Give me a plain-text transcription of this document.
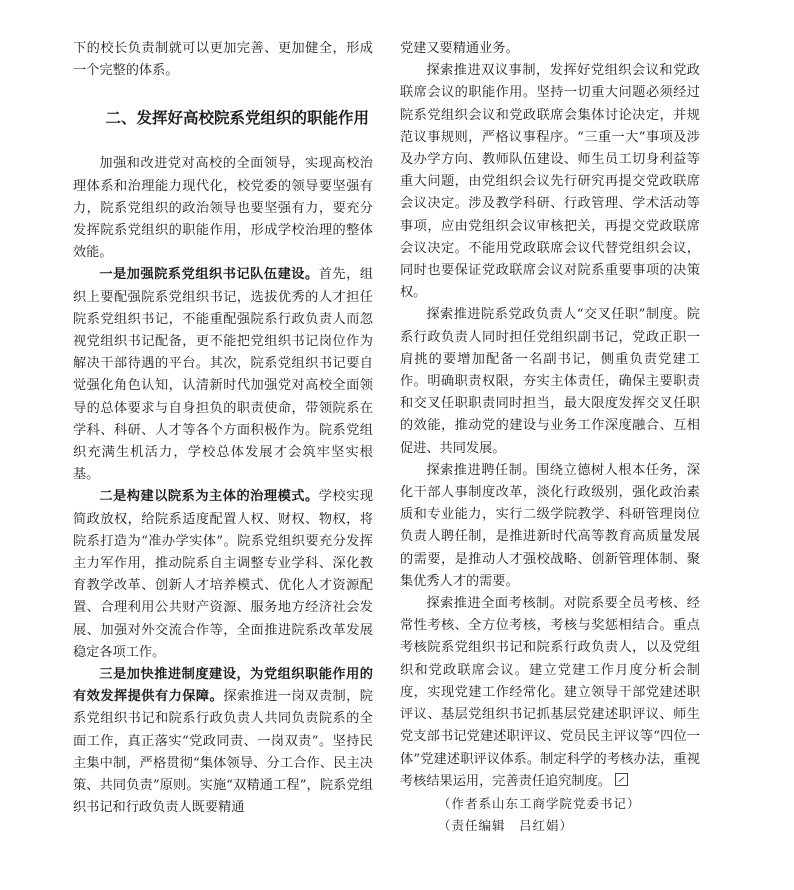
下的校长负责制就可以更加完善、更加健全，形成一个完整的体系。

二、发挥好高校院系党组织的职能作用

加强和改进党对高校的全面领导，实现高校治理体系和治理能力现代化，校党委的领导要坚强有力，院系党组织的政治领导也要坚强有力，要充分发挥院系党组织的职能作用，形成学校治理的整体效能。

一是加强院系党组织书记队伍建设。首先，组织上要配强院系党组织书记，选拔优秀的人才担任院系党组织书记，不能重配强院系行政负责人而忽视党组织书记配备，更不能把党组织书记岗位作为解决干部待遇的平台。其次，院系党组织书记要自觉强化角色认知，认清新时代加强党对高校全面领导的总体要求与自身担负的职责使命，带领院系在学科、科研、人才等各个方面积极作为。院系党组织充满生机活力，学校总体发展才会筑牢坚实根基。

二是构建以院系为主体的治理模式。学校实现简政放权，给院系适度配置人权、财权、物权，将院系打造为“准办学实体”。院系党组织要充分发挥主力军作用，推动院系自主调整专业学科、深化教育教学改革、创新人才培养模式、优化人才资源配置、合理利用公共财产资源、服务地方经济社会发展、加强对外交流合作等，全面推进院系改革发展稳定各项工作。

三是加快推进制度建设，为党组织职能作用的有效发挥提供有力保障。探索推进一岗双责制，院系党组织书记和院系行政负责人共同负责院系的全面工作，真正落实“党政同责、一岗双责”。坚持民主集中制，严格贯彻“集体领导、分工合作、民主决策、共同负责”原则。实施“双精通工程”，院系党组织书记和行政负责人既要精通

党建又要精通业务。

探索推进双议事制，发挥好党组织会议和党政联席会议的职能作用。坚持一切重大问题必须经过院系党组织会议和党政联席会集体讨论决定，并规范议事规则，严格议事程序。“三重一大”事项及涉及办学方向、教师队伍建设、师生员工切身利益等重大问题，由党组织会议先行研究再提交党政联席会议决定。涉及教学科研、行政管理、学术活动等事项，应由党组织会议审核把关，再提交党政联席会议决定。不能用党政联席会议代替党组织会议，同时也要保证党政联席会议对院系重要事项的决策权。

探索推进院系党政负责人“交叉任职”制度。院系行政负责人同时担任党组织副书记，党政正职一肩挑的要增加配备一名副书记，侧重负责党建工作。明确职责权限，夯实主体责任，确保主要职责和交叉任职职责同时担当，最大限度发挥交叉任职的效能，推动党的建设与业务工作深度融合、互相促进、共同发展。

探索推进聘任制。围绕立德树人根本任务，深化干部人事制度改革，淡化行政级别，强化政治素质和专业能力，实行二级学院教学、科研管理岗位负责人聘任制，是推进新时代高等教育高质量发展的需要，是推动人才强校战略、创新管理体制、聚集优秀人才的需要。

探索推进全面考核制。对院系要全员考核、经常性考核、全方位考核，考核与奖惩相结合。重点考核院系党组织书记和院系行政负责人，以及党组织和党政联席会议。建立党建工作月度分析会制度，实现党建工作经常化。建立领导干部党建述职评议、基层党组织书记抓基层党建述职评议、师生党支部书记党建述职评议、党员民主评议等“四位一体”党建述职评议体系。制定科学的考核办法，重视考核结果运用，完善责任追究制度。

（作者系山东工商学院党委书记）
（责任编辑　吕红娟）
